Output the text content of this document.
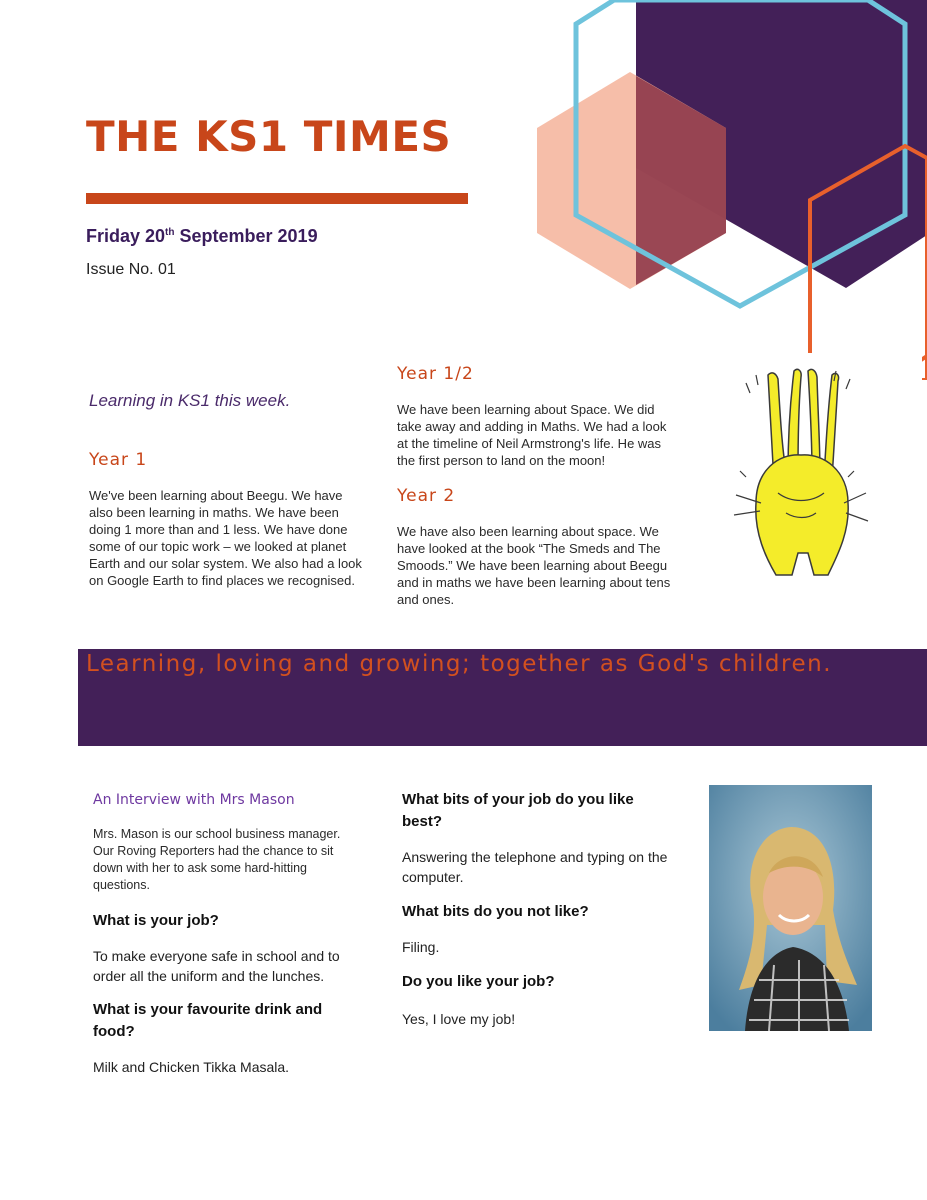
THE KS1 TIMES
Friday 20th September 2019
Issue No. 01
Learning in KS1 this week.
Year 1
We've been learning about Beegu. We have also been learning in maths. We have been doing 1 more than and 1 less. We have done some of our topic work – we looked at planet Earth and our solar system. We also had a look on Google Earth to find places we recognised.
Year 1/2
We have been learning about Space. We did take away and adding in Maths. We had a look at the timeline of Neil Armstrong's life. He was the first person to land on the moon!
Year 2
We have also been learning about space. We have looked at the book “The Smeds and The Smoods.” We have been learning about Beegu and in maths we have been learning about tens and ones.
Learning, loving and growing; together as God's children.
An Interview with Mrs Mason
Mrs. Mason is our school business manager. Our Roving Reporters had the chance to sit down with her to ask some hard-hitting questions.
What is your job?
To make everyone safe in school and to order all the uniform and the lunches.
What is your favourite drink and food?
Milk and Chicken Tikka Masala.
What bits of your job do you like best?
Answering the telephone and typing on the computer.
What bits do you not like?
Filing.
Do you like your job?
Yes, I love my job!
